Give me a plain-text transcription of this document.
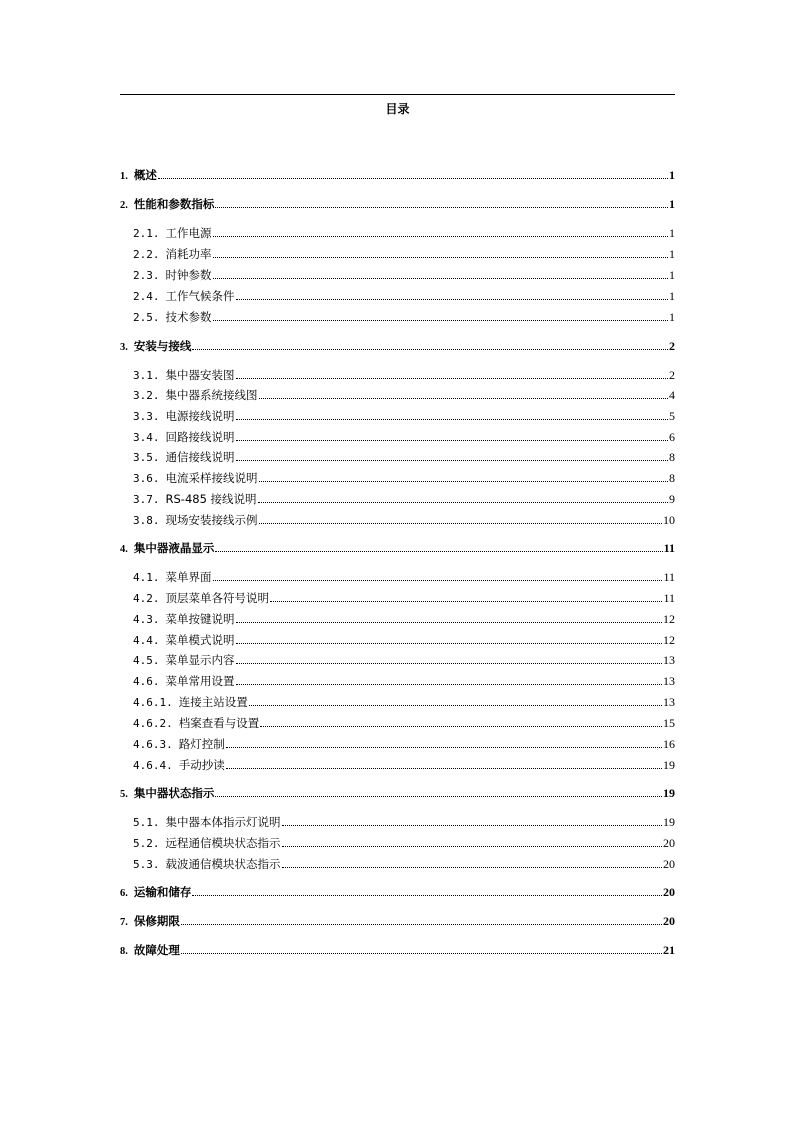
目录
1. 概述	1
2. 性能和参数指标	1
2.1. 工作电源	1
2.2. 消耗功率	1
2.3. 时钟参数	1
2.4. 工作气候条件	1
2.5. 技术参数	1
3. 安装与接线	2
3.1. 集中器安装图	2
3.2. 集中器系统接线图	4
3.3. 电源接线说明	5
3.4. 回路接线说明	6
3.5. 通信接线说明	8
3.6. 电流采样接线说明	8
3.7. RS-485 接线说明	9
3.8. 现场安装接线示例	10
4. 集中器液晶显示	11
4.1. 菜单界面	11
4.2. 顶层菜单各符号说明	11
4.3. 菜单按键说明	12
4.4. 菜单模式说明	12
4.5. 菜单显示内容	13
4.6. 菜单常用设置	13
4.6.1. 连接主站设置	13
4.6.2. 档案查看与设置	15
4.6.3. 路灯控制	16
4.6.4. 手动抄读	19
5. 集中器状态指示	19
5.1. 集中器本体指示灯说明	19
5.2. 远程通信模块状态指示	20
5.3. 载波通信模块状态指示	20
6. 运输和储存	20
7. 保修期限	20
8. 故障处理	21
